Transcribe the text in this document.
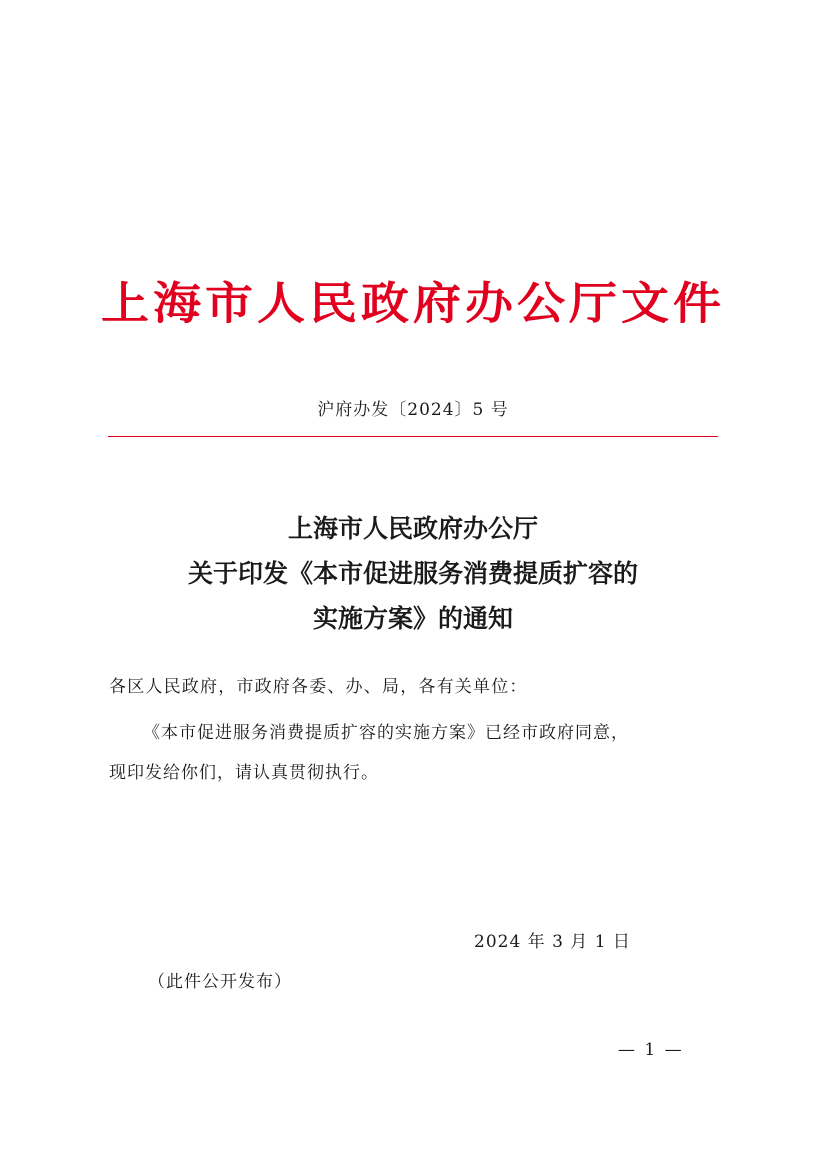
上海市人民政府办公厅文件
沪府办发〔2024〕5 号
上海市人民政府办公厅
关于印发《本市促进服务消费提质扩容的
实施方案》的通知
各区人民政府，市政府各委、办、局，各有关单位：
《本市促进服务消费提质扩容的实施方案》已经市政府同意，
现印发给你们，请认真贯彻执行。
2024 年 3 月 1 日
（此件公开发布）
— 1 —
